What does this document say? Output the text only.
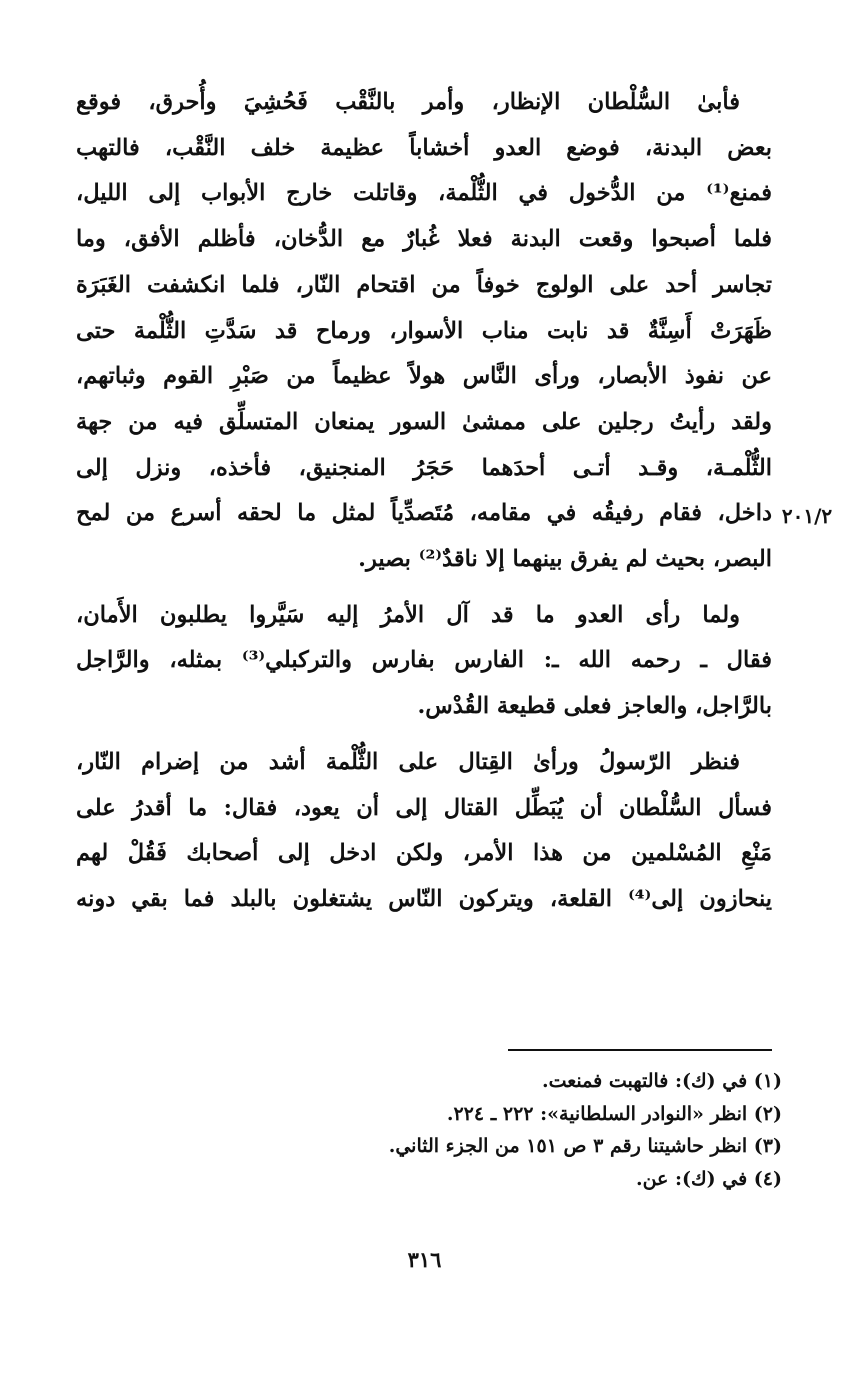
فأبىٰ السُّلْطان الإنظار، وأمر بالنَّقْب فَحُشِيَ وأُحرق، فوقع
بعض البدنة، فوضع العدو أخشاباً عظيمة خلف النَّقْب، فالتهب
فمنع⁽¹⁾ من الدُّخول في الثُّلْمة، وقاتلت خارج الأبواب إلى الليل،
فلما أصبحوا وقعت البدنة فعلا غُبارٌ مع الدُّخان، فأظلم الأفق، وما
تجاسر أحد على الولوج خوفاً من اقتحام النّار، فلما انكشفت الغَبَرَة
ظَهَرَتْ أَسِنَّةٌ قد نابت مناب الأسوار، ورماح قد سَدَّتِ الثُّلْمة حتى
عن نفوذ الأبصار، ورأى النَّاس هولاً عظيماً من صَبْرِ القوم وثباتهم،
ولقد رأيتُ رجلين على ممشىٰ السور يمنعان المتسلِّق فيه من جهة
الثُّلْمـة، وقـد أتـى أحدَهما حَجَرُ المنجنيق، فأخذه، ونزل إلى
داخل، فقام رفيقُه في مقامه، مُتَصدِّياً لمثل ما لحقه أسرع من لمح
البصر، بحيث لم يفرق بينهما إلا ناقدٌ⁽²⁾ بصير.

ولما رأى العدو ما قد آل الأمرُ إليه سَيَّروا يطلبون الأَمان،
فقال ـ رحمه الله ـ: الفارس بفارس والتركبلي⁽³⁾ بمثله، والرَّاجل
بالرَّاجل، والعاجز فعلى قطيعة القُدْس.

فنظر الرّسولُ ورأىٰ القِتال على الثُّلْمة أشد من إضرام النّار،
فسأل السُّلْطان أن يُبَطِّل القتال إلى أن يعود، فقال: ما أقدرُ على
مَنْعِ المُسْلمين من هذا الأمر، ولكن ادخل إلى أصحابك فَقُلْ لهم
ينحازون إلى⁽⁴⁾ القلعة، ويتركون النّاس يشتغلون بالبلد فما بقي دونه

٢٠١/٢
(١) في (ك): فالتهبت فمنعت.
(٢) انظر «النوادر السلطانية»: ٢٢٢ ـ ٢٢٤.
(٣) انظر حاشيتنا رقم ٣ ص ١٥١ من الجزء الثاني.
(٤) في (ك): عن.
٣١٦
